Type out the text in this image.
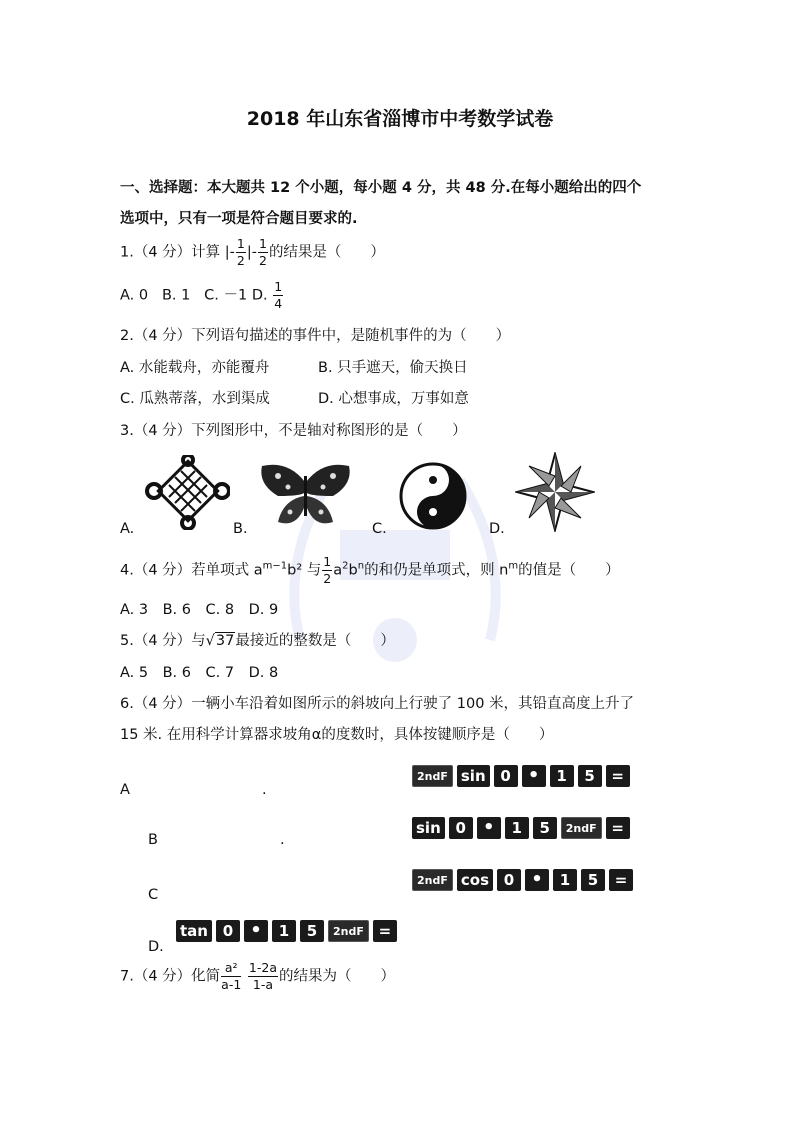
2018 年山东省淄博市中考数学试卷
一、选择题：本大题共 12 个小题，每小题 4 分，共 48 分.在每小题给出的四个
选项中，只有一项是符合题目要求的.
1.（4 分）计算 |- $\frac{1}{2}$ |- $\frac{1}{2}$ 的结果是（　　）
A. 0 B. 1 C. －1 D. $\frac{1}{4}$
2.（4 分）下列语句描述的事件中，是随机事件的为（　　）
A. 水能载舟，亦能覆舟	B. 只手遮天，偷天换日
C. 瓜熟蒂落，水到渠成	D. 心想事成，万事如意
3.（4 分）下列图形中，不是轴对称图形的是（　　）
A.	B.	C.	D.
4.（4 分）若单项式 $a^{m-1}b^2$ 与 $\frac{1}{2} a^2b^n$的和仍是单项式，则 $n^m$的值是（　　）
A. 3　B. 6　C. 8　D. 9
5.（4 分）与√37最接近的整数是（　　）
A. 5　B. 6　C. 7　D. 8
6.（4 分）一辆小车沿着如图所示的斜坡向上行驶了 100 米，其铅直高度上升了
15 米. 在用科学计算器求坡角α的度数时，具体按键顺序是（　　）
A	.
2ndF sin 0 • 1 5 =
B	.
sin 0 • 1 5 2ndF =
C
2ndF cos 0 • 1 5 =
D.
tan 0 • 1 5 2ndF =
7.（4 分）化简 $\frac{\text{a²}}{a-1}$
$\frac{1-2a}{1-a}$ 的结果为（　　）
